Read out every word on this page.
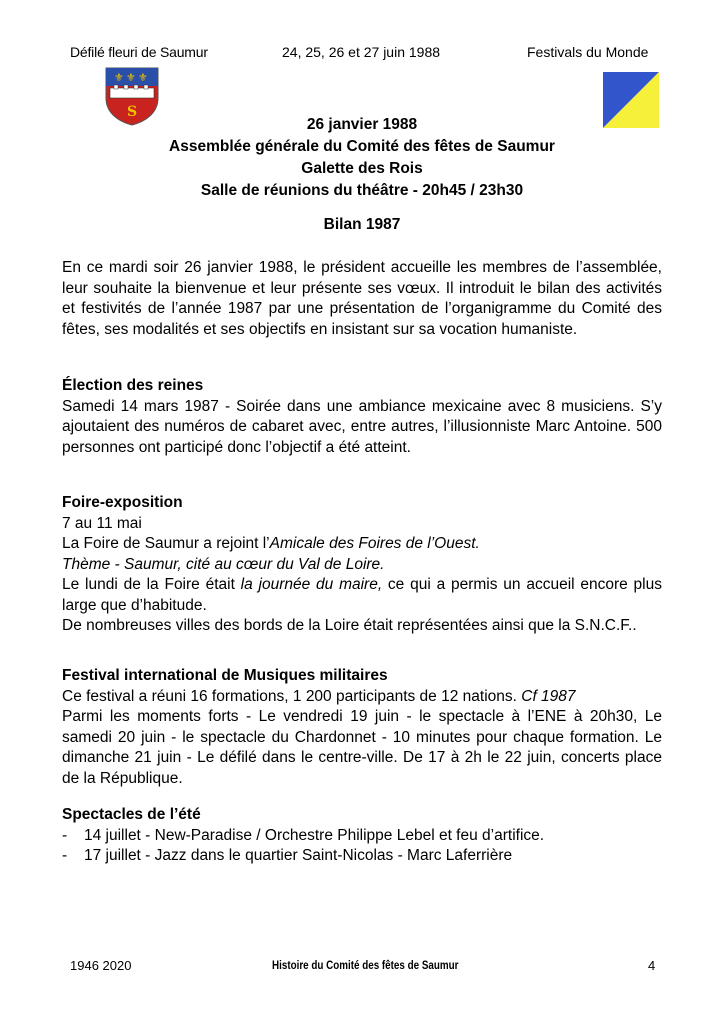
Défilé fleuri de Saumur	24, 25, 26 et 27 juin 1988	Festivals du Monde
⚜ ⚜ ⚜
S
26 janvier 1988
Assemblée générale du Comité des fêtes de Saumur
Galette des Rois
Salle de réunions du théâtre - 20h45 / 23h30
Bilan 1987
En ce mardi soir 26 janvier 1988, le président accueille les membres de l’assemblée, leur souhaite la bienvenue et leur présente ses vœux. Il introduit le bilan des activités et festivités de l’année 1987 par une présentation de l’organigramme du Comité des fêtes, ses modalités et ses objectifs en insistant sur sa vocation humaniste.
Élection des reines
Samedi 14 mars 1987 - Soirée dans une ambiance mexicaine avec 8 musiciens. S’y ajoutaient des numéros de cabaret avec, entre autres, l’illusionniste Marc Antoine. 500 personnes ont participé donc l’objectif a été atteint.
Foire-exposition
7 au 11 mai
La Foire de Saumur a rejoint l’Amicale des Foires de l’Ouest.
Thème - Saumur, cité au cœur du Val de Loire.
Le lundi de la Foire était la journée du maire, ce qui a permis un accueil encore plus large que d’habitude.
De nombreuses villes des bords de la Loire était représentées ainsi que la S.N.C.F..
Festival international de Musiques militaires
Ce festival a réuni 16 formations, 1 200 participants de 12 nations. Cf 1987
Parmi les moments forts - Le vendredi 19 juin - le spectacle à l’ENE à 20h30, Le samedi 20 juin - le spectacle du Chardonnet - 10 minutes pour chaque formation. Le dimanche 21 juin - Le défilé dans le centre-ville. De 17 à 2h le 22 juin, concerts place de la République.
Spectacles de l’été
-	14 juillet - New-Paradise / Orchestre Philippe Lebel et feu d’artifice.
-	17 juillet - Jazz dans le quartier Saint-Nicolas - Marc Laferrière
1946 2020	Histoire du Comité des fêtes de Saumur	4
